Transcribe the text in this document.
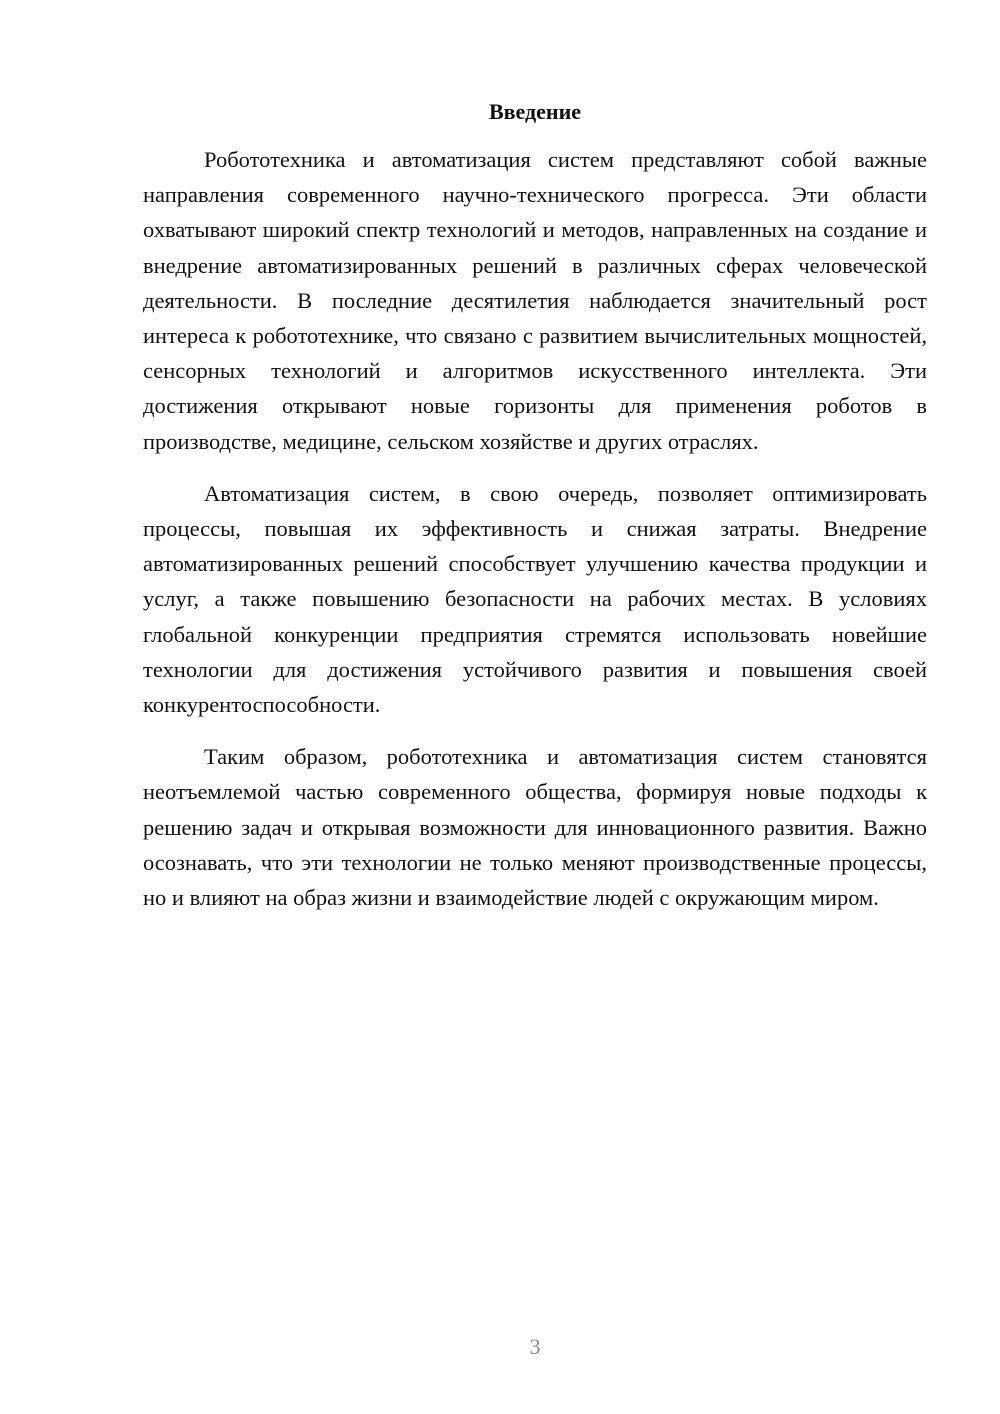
Введение

Робототехника и автоматизация систем представляют собой важные направления современного научно-технического прогресса. Эти области охватывают широкий спектр технологий и методов, направленных на создание и внедрение автоматизированных решений в различных сферах человеческой деятельности. В последние десятилетия наблюдается значительный рост интереса к робототехнике, что связано с развитием вычислительных мощностей, сенсорных технологий и алгоритмов искусственного интеллекта. Эти достижения открывают новые горизонты для применения роботов в производстве, медицине, сельском хозяйстве и других отраслях.

Автоматизация систем, в свою очередь, позволяет оптимизировать процессы, повышая их эффективность и снижая затраты. Внедрение автоматизированных решений способствует улучшению качества продукции и услуг, а также повышению безопасности на рабочих местах. В условиях глобальной конкуренции предприятия стремятся использовать новейшие технологии для достижения устойчивого развития и повышения своей конкурентоспособности.

Таким образом, робототехника и автоматизация систем становятся неотъемлемой частью современного общества, формируя новые подходы к решению задач и открывая возможности для инновационного развития. Важно осознавать, что эти технологии не только меняют производственные процессы, но и влияют на образ жизни и взаимодействие людей с окружающим миром.

3
